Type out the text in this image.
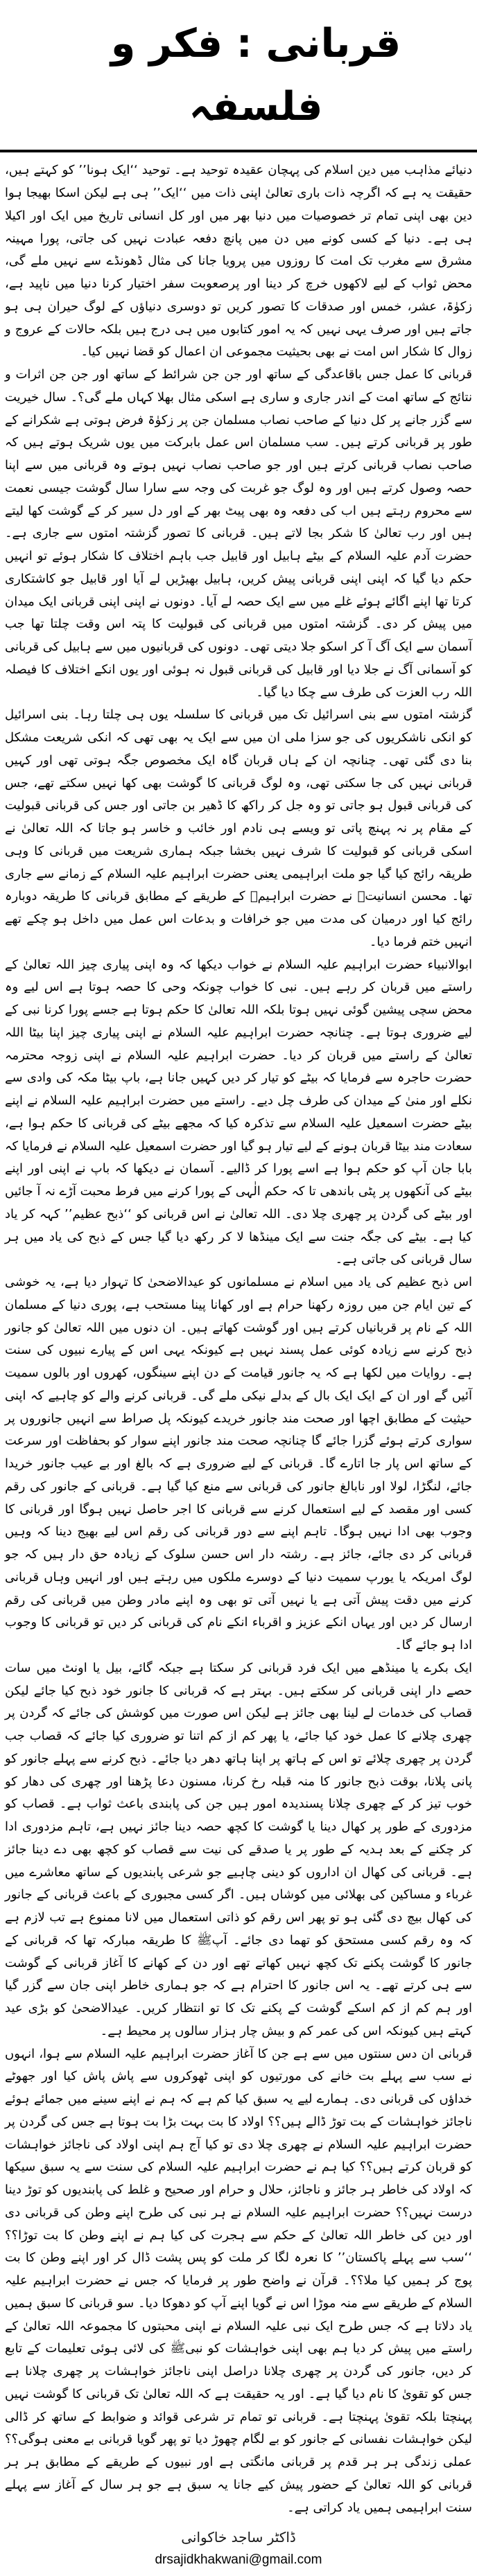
قربانی : فکر و فلسفہ

دنیائے مذاہب میں دین اسلام کی پہچان عقیدہ توحید ہے۔ توحید ‘‘ایک ہونا’’ کو کہتے ہیں، حقیقت یہ ہے کہ اگرچہ ذات باری تعالیٰ اپنی ذات میں ‘‘ایک’’ ہی ہے لیکن اسکا بھیجا ہوا دین بھی اپنی تمام تر خصوصیات میں دنیا بھر میں اور کل انسانی تاریخ میں ایک اور اکیلا ہی ہے۔ دنیا کے کسی کونے میں دن میں پانچ دفعہ عبادت نہیں کی جاتی، پورا مہینہ مشرق سے مغرب تک امت کا روزوں میں پرویا جانا کی مثال ڈھونڈے سے نہیں ملے گی، محض ثواب کے لیے لاکھوں خرچ کر دینا اور پرصعوبت سفر اختیار کرنا دنیا میں ناپید ہے، زکوٰۃ، عشر، خمس اور صدقات کا تصور کریں تو دوسری دنیاؤں کے لوگ حیران ہی ہو جاتے ہیں اور صرف یہی نہیں کہ یہ امور کتابوں میں ہی درج ہیں بلکہ حالات کے عروج و زوال کا شکار اس امت نے بھی بحیثیت مجموعی ان اعمال کو قضا نہیں کیا۔

قربانی کا عمل جس باقاعدگی کے ساتھ اور جن جن شرائط کے ساتھ اور جن جن اثرات و نتائج کے ساتھ امت کے اندر جاری و ساری ہے اسکی مثال بھلا کہاں ملے گی؟۔ سال خیریت سے گزر جانے پر کل دنیا کے صاحب نصاب مسلمان جن پر زکوٰۃ فرض ہوتی ہے شکرانے کے طور پر قربانی کرتے ہیں۔ سب مسلمان اس عمل بابرکت میں یوں شریک ہوتے ہیں کہ صاحب نصاب قربانی کرتے ہیں اور جو صاحب نصاب نہیں ہوتے وہ قربانی میں سے اپنا حصہ وصول کرتے ہیں اور وہ لوگ جو غربت کی وجہ سے سارا سال گوشت جیسی نعمت سے محروم رہتے ہیں اب کی دفعہ وہ بھی پیٹ بھر کے اور دل سیر کر کے گوشت کھا لیتے ہیں اور رب تعالیٰ کا شکر بجا لاتے ہیں۔ قربانی کا تصور گزشتہ امتوں سے جاری ہے۔ حضرت آدم علیہ السلام کے بیٹے ہابیل اور قابیل جب باہم اختلاف کا شکار ہوئے تو انہیں حکم دیا گیا کہ اپنی اپنی قربانی پیش کریں، ہابیل بھیڑیں لے آیا اور قابیل جو کاشتکاری کرتا تھا اپنے اگائے ہوئے غلے میں سے ایک حصہ لے آیا۔ دونوں نے اپنی اپنی قربانی ایک میدان میں پیش کر دی۔ گزشتہ امتوں میں قربانی کی قبولیت کا پتہ اس وقت چلتا تھا جب آسمان سے ایک آگ آ کر اسکو جلا دیتی تھی۔ دونوں کی قربانیوں میں سے ہابیل کی قربانی کو آسمانی آگ نے جلا دیا اور قابیل کی قربانی قبول نہ ہوئی اور یوں انکے اختلاف کا فیصلہ اللہ رب العزت کی طرف سے چکا دیا گیا۔

گزشتہ امتوں سے بنی اسرائیل تک میں قربانی کا سلسلہ یوں ہی چلتا رہا۔ بنی اسرائیل کو انکی ناشکریوں کی جو سزا ملی ان میں سے ایک یہ بھی تھی کہ انکی شریعت مشکل بنا دی گئی تھی۔ چنانچہ ان کے ہاں قربان گاہ ایک مخصوص جگہ ہوتی تھی اور کہیں قربانی نہیں کی جا سکتی تھی، وہ لوگ قربانی کا گوشت بھی کھا نہیں سکتے تھے، جس کی قربانی قبول ہو جاتی تو وہ جل کر راکھ کا ڈھیر بن جاتی اور جس کی قربانی قبولیت کے مقام پر نہ پہنچ پاتی تو ویسے ہی نادم اور خائب و خاسر ہو جاتا کہ اللہ تعالیٰ نے اسکی قربانی کو قبولیت کا شرف نہیں بخشا جبکہ ہماری شریعت میں قربانی کا وہی طریقہ رائج کیا گیا جو ملت ابراہیمی یعنی حضرت ابراہیم علیہ السلام کے زمانے سے جاری تھا۔ محسن انسانیتؐ نے حضرت ابراہیمؑ کے طریقے کے مطابق قربانی کا طریقہ دوبارہ رائج کیا اور درمیان کی مدت میں جو خرافات و بدعات اس عمل میں داخل ہو چکے تھے انہیں ختم فرما دیا۔

ابوالانبیاء حضرت ابراہیم علیہ السلام نے خواب دیکھا کہ وہ اپنی پیاری چیز اللہ تعالیٰ کے راستے میں قربان کر رہے ہیں۔ نبی کا خواب چونکہ وحی کا حصہ ہوتا ہے اس لیے وہ محض سچی پیشین گوئی نہیں ہوتا بلکہ اللہ تعالیٰ کا حکم ہوتا ہے جسے پورا کرنا نبی کے لیے ضروری ہوتا ہے۔ چنانچہ حضرت ابراہیم علیہ السلام نے اپنی پیاری چیز اپنا بیٹا اللہ تعالیٰ کے راستے میں قربان کر دیا۔ حضرت ابراہیم علیہ السلام نے اپنی زوجہ محترمہ حضرت حاجرہ سے فرمایا کہ بیٹے کو تیار کر دیں کہیں جانا ہے، باپ بیٹا مکہ کی وادی سے نکلے اور منیٰ کے میدان کی طرف چل دیے۔ راستے میں حضرت ابراہیم علیہ السلام نے اپنے بیٹے حضرت اسمعیل علیہ السلام سے تذکرہ کیا کہ مجھے بیٹے کی قربانی کا حکم ہوا ہے، سعادت مند بیٹا قربان ہونے کے لیے تیار ہو گیا اور حضرت اسمعیل علیہ السلام نے فرمایا کہ بابا جان آپ کو حکم ہوا ہے اسے پورا کر ڈالیے۔ آسمان نے دیکھا کہ باپ نے اپنی اور اپنے بیٹے کی آنکھوں پر پٹی باندھی تا کہ حکم الٰہی کے پورا کرنے میں فرط محبت آڑے نہ آ جائیں اور بیٹے کی گردن پر چھری چلا دی۔ اللہ تعالیٰ نے اس قربانی کو ‘‘ذبح عظیم’’ کہہ کر یاد کیا ہے۔ بیٹے کی جگہ جنت سے ایک مینڈھا لا کر رکھ دیا گیا جس کے ذبح کی یاد میں ہر سال قربانی کی جاتی ہے۔

اس ذبح عظیم کی یاد میں اسلام نے مسلمانوں کو عیدالاضحیٰ کا تہوار دیا ہے، یہ خوشی کے تین ایام جن میں روزہ رکھنا حرام ہے اور کھانا پینا مستحب ہے، پوری دنیا کے مسلمان اللہ کے نام پر قربانیاں کرتے ہیں اور گوشت کھاتے ہیں۔ ان دنوں میں اللہ تعالیٰ کو جانور ذبح کرنے سے زیادہ کوئی عمل پسند نہیں ہے کیونکہ یہی اس کے پیارے نبیوں کی سنت ہے۔ روایات میں لکھا ہے کہ یہ جانور قیامت کے دن اپنے سینگوں، کھروں اور بالوں سمیت آئیں گے اور ان کے ایک ایک بال کے بدلے نیکی ملے گی۔ قربانی کرنے والے کو چاہیے کہ اپنی حیثیت کے مطابق اچھا اور صحت مند جانور خریدے کیونکہ پل صراط سے انہیں جانوروں پر سواری کرتے ہوئے گزرا جائے گا چنانچہ صحت مند جانور اپنے سوار کو بحفاظت اور سرعت کے ساتھ اس پار جا اتارے گا۔ قربانی کے لیے ضروری ہے کہ بالغ اور بے عیب جانور خریدا جائے، لنگڑا، لولا اور نابالغ جانور کی قربانی سے منع کیا گیا ہے۔ قربانی کے جانور کی رقم کسی اور مقصد کے لیے استعمال کرنے سے قربانی کا اجر حاصل نہیں ہوگا اور قربانی کا وجوب بھی ادا نہیں ہوگا۔ تاہم اپنے سے دور قربانی کی رقم اس لیے بھیج دینا کہ وہیں قربانی کر دی جائے، جائز ہے۔ رشتہ دار اس حسن سلوک کے زیادہ حق دار ہیں کہ جو لوگ امریکہ یا یورپ سمیت دنیا کے دوسرے ملکوں میں رہتے ہیں اور انہیں وہاں قربانی کرنے میں دقت پیش آتی ہے یا نہیں آتی تو بھی وہ اپنے مادر وطن میں قربانی کی رقم ارسال کر دیں اور یہاں انکے عزیز و اقرباء انکے نام کی قربانی کر دیں تو قربانی کا وجوب ادا ہو جائے گا۔

ایک بکرے یا مینڈھے میں ایک فرد قربانی کر سکتا ہے جبکہ گائے، بیل یا اونٹ میں سات حصے دار اپنی قربانی کر سکتے ہیں۔ بہتر ہے کہ قربانی کا جانور خود ذبح کیا جائے لیکن قصاب کی خدمات لے لینا بھی جائز ہے لیکن اس صورت میں کوشش کی جائے کہ گردن پر چھری چلانے کا عمل خود کیا جائے، یا پھر کم از کم اتنا تو ضروری کیا جائے کہ قصاب جب گردن پر چھری چلائے تو اس کے ہاتھ پر اپنا ہاتھ دھر دیا جائے۔ ذبح کرنے سے پہلے جانور کو پانی پلانا، بوقت ذبح جانور کا منہ قبلہ رخ کرنا، مسنون دعا پڑھنا اور چھری کی دھار کو خوب تیز کر کے چھری چلانا پسندیدہ امور ہیں جن کی پابندی باعث ثواب ہے۔ قصاب کو مزدوری کے طور پر کھال دینا یا گوشت کا کچھ حصہ دینا جائز نہیں ہے، تاہم مزدوری ادا کر چکنے کے بعد ہدیہ کے طور پر یا صدقے کی نیت سے قصاب کو کچھ بھی دے دینا جائز ہے۔ قربانی کی کھال ان اداروں کو دینی چاہیے جو شرعی پابندیوں کے ساتھ معاشرے میں غرباء و مساکین کی بھلائی میں کوشاں ہیں۔ اگر کسی مجبوری کے باعث قربانی کے جانور کی کھال بیچ دی گئی ہو تو پھر اس رقم کو ذاتی استعمال میں لانا ممنوع ہے تب لازم ہے کہ وہ رقم کسی مستحق کو تھما دی جائے۔ آپﷺ کا طریقہ مبارکہ تھا کہ قربانی کے جانور کا گوشت پکنے تک کچھ نہیں کھاتے تھے اور دن کے کھانے کا آغاز قربانی کے گوشت سے ہی کرتے تھے۔ یہ اس جانور کا احترام ہے کہ جو ہماری خاطر اپنی جان سے گزر گیا اور ہم کم از کم اسکے گوشت کے پکنے تک کا تو انتظار کریں۔ عیدالاضحیٰ کو بڑی عید کہتے ہیں کیونکہ اس کی عمر کم و بیش چار ہزار سالوں پر محیط ہے۔

قربانی ان دس سنتوں میں سے ہے جن کا آغاز حضرت ابراہیم علیہ السلام سے ہوا، انہوں نے سب سے پہلے بت خانے کی مورتیوں کو اپنی ٹھوکروں سے پاش پاش کیا اور جھوٹے خداؤں کی قربانی دی۔ ہمارے لیے یہ سبق کیا کم ہے کہ ہم نے اپنے سینے میں جمائے ہوئے ناجائز خواہشات کے بت توڑ ڈالے ہیں؟؟ اولاد کا بت بہت بڑا بت ہوتا ہے جس کی گردن پر حضرت ابراہیم علیہ السلام نے چھری چلا دی تو کیا آج ہم اپنی اولاد کی ناجائز خواہشات کو قربان کرتے ہیں؟؟ کیا ہم نے حضرت ابراہیم علیہ السلام کی سنت سے یہ سبق سیکھا کہ اولاد کی خاطر ہر جائز و ناجائز، حلال و حرام اور صحیح و غلط کی پابندیوں کو توڑ دینا درست نہیں؟؟ حضرت ابراہیم علیہ السلام نے ہر نبی کی طرح اپنے وطن کی قربانی دی اور دین کی خاطر اللہ تعالیٰ کے حکم سے ہجرت کی کیا ہم نے اپنے وطن کا بت توڑا؟؟ ‘‘سب سے پہلے پاکستان’’ کا نعرہ لگا کر ملت کو پس پشت ڈال کر اور اپنے وطن کا بت پوج کر ہمیں کیا ملا؟؟۔ قرآن نے واضح طور پر فرمایا کہ جس نے حضرت ابراہیم علیہ السلام کے طریقے سے منہ موڑا اس نے گویا اپنے آپ کو دھوکا دیا۔ سو قربانی کا سبق ہمیں یاد دلاتا ہے کہ جس طرح ایک نبی علیہ السلام نے اپنی محبتوں کا مجموعہ اللہ تعالیٰ کے راستے میں پیش کر دیا ہم بھی اپنی خواہشات کو نبیﷺ کی لائی ہوئی تعلیمات کے تابع کر دیں، جانور کی گردن پر چھری چلانا دراصل اپنی ناجائز خواہشات پر چھری چلانا ہے جس کو تقویٰ کا نام دیا گیا ہے۔ اور یہ حقیقت ہے کہ اللہ تعالیٰ تک قربانی کا گوشت نہیں پہنچتا بلکہ تقویٰ پہنچتا ہے۔ قربانی تو تمام تر شرعی قوائد و ضوابط کے ساتھ کر ڈالی لیکن خواہشات نفسانی کے جانور کو بے لگام چھوڑ دیا تو پھر گویا قربانی بے معنی ہوگی؟؟ عملی زندگی ہر ہر قدم پر قربانی مانگتی ہے اور نبیوں کے طریقے کے مطابق ہر ہر قربانی کو اللہ تعالیٰ کے حضور پیش کیے جانا یہ سبق ہے جو ہر سال کے آغاز سے پہلے سنت ابراہیمی ہمیں یاد کراتی ہے۔

ڈاکٹر ساجد خاکوانی
drsajidkhakwani@gmail.com
